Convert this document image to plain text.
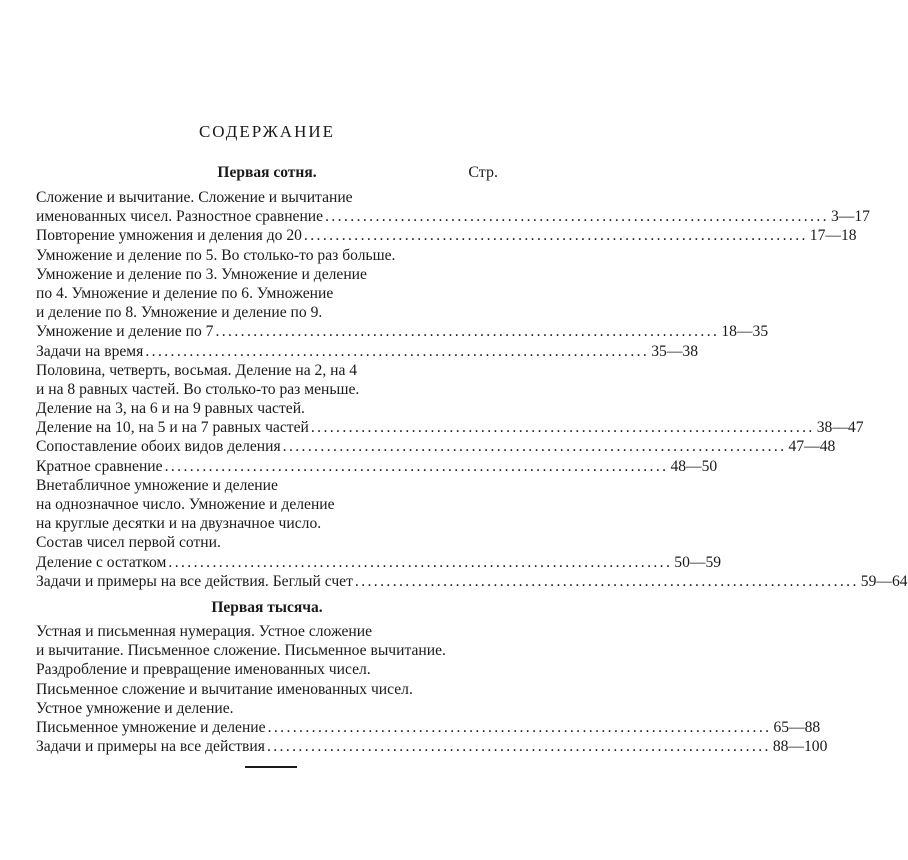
СОДЕРЖАНИЕ
Первая сотня.	Стр.
Сложение и вычитание. Сложение и вычитание
именованных чисел. Разностное сравнение ................................................................................ 3—17
Повторение умножения и деления до 20 ................................................................................ 17—18
Умножение и деление по 5. Во столько-то раз больше.
Умножение и деление по 3. Умножение и деление
по 4. Умножение и деление по 6. Умножение
и деление по 8. Умножение и деление по 9.
Умножение и деление по 7 ................................................................................ 18—35
Задачи на время ................................................................................ 35—38
Половина, четверть, восьмая. Деление на 2, на 4
и на 8 равных частей. Во столько-то раз меньше.
Деление на 3, на 6 и на 9 равных частей.
Деление на 10, на 5 и на 7 равных частей ................................................................................ 38—47
Сопоставление обоих видов деления ................................................................................ 47—48
Кратное сравнение ................................................................................ 48—50
Внетабличное умножение и деление
на однозначное число. Умножение и деление
на круглые десятки и на двузначное число.
Состав чисел первой сотни.
Деление с остатком ................................................................................ 50—59
Задачи и примеры на все действия. Беглый счет ................................................................................ 59—64
Первая тысяча.
Устная и письменная нумерация. Устное сложение
и вычитание. Письменное сложение. Письменное вычитание.
Раздробление и превращение именованных чисел.
Письменное сложение и вычитание именованных чисел.
Устное умножение и деление.
Письменное умножение и деление ................................................................................ 65—88
Задачи и примеры на все действия ................................................................................ 88—100
